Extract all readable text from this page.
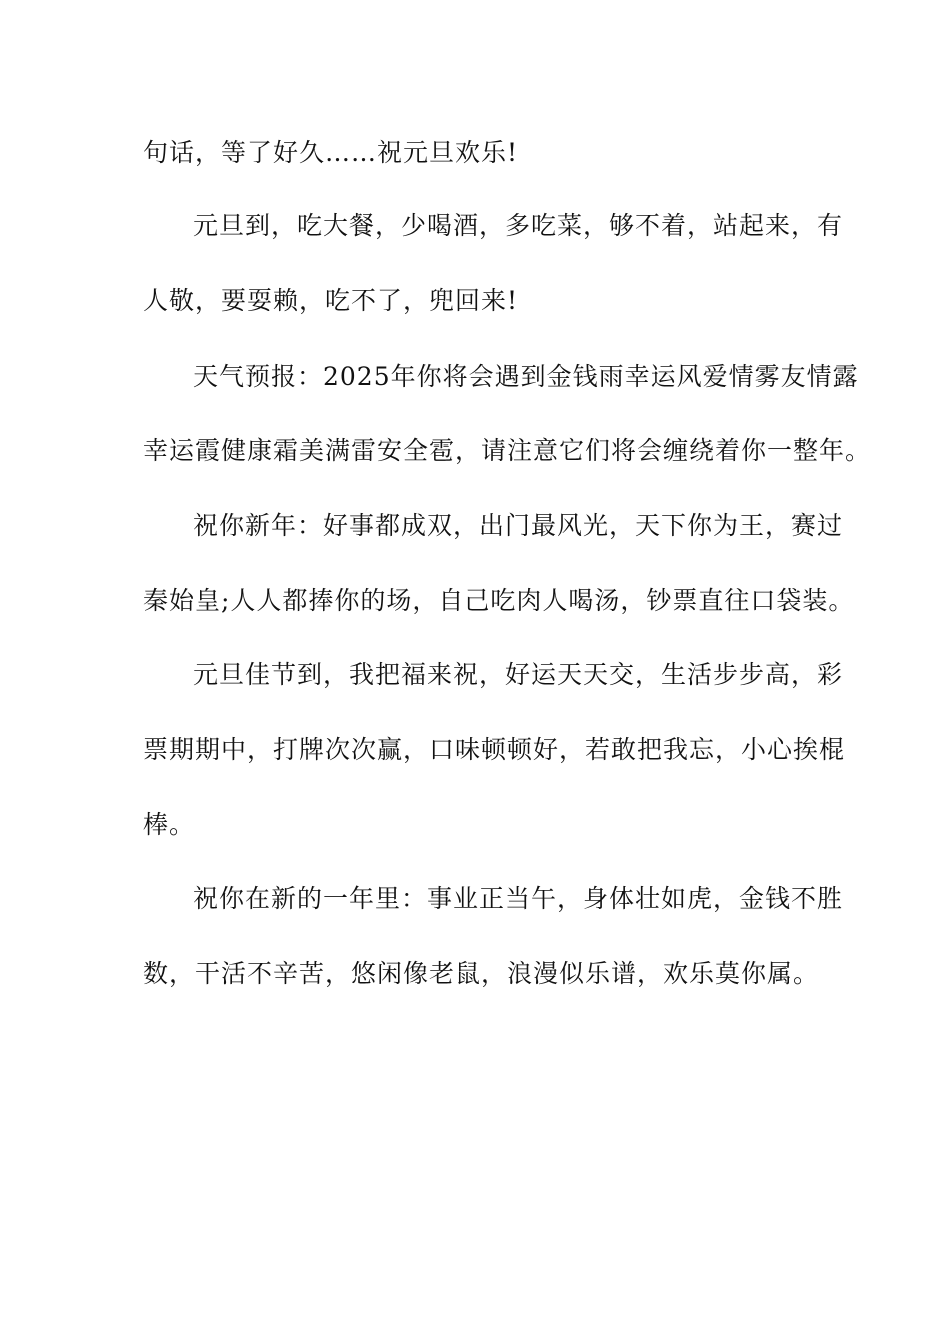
句话，等了好久……祝元旦欢乐!
元旦到，吃大餐，少喝酒，多吃菜，够不着，站起来，有
人敬，要耍赖，吃不了，兜回来!
天气预报：2025年你将会遇到金钱雨幸运风爱情雾友情露
幸运霞健康霜美满雷安全雹，请注意它们将会缠绕着你一整年。
祝你新年：好事都成双，出门最风光，天下你为王，赛过
秦始皇;人人都捧你的场，自己吃肉人喝汤，钞票直往口袋装。
元旦佳节到，我把福来祝，好运天天交，生活步步高，彩
票期期中，打牌次次赢，口味顿顿好，若敢把我忘，小心挨棍
棒。
祝你在新的一年里：事业正当午，身体壮如虎，金钱不胜
数，干活不辛苦，悠闲像老鼠，浪漫似乐谱，欢乐莫你属。
